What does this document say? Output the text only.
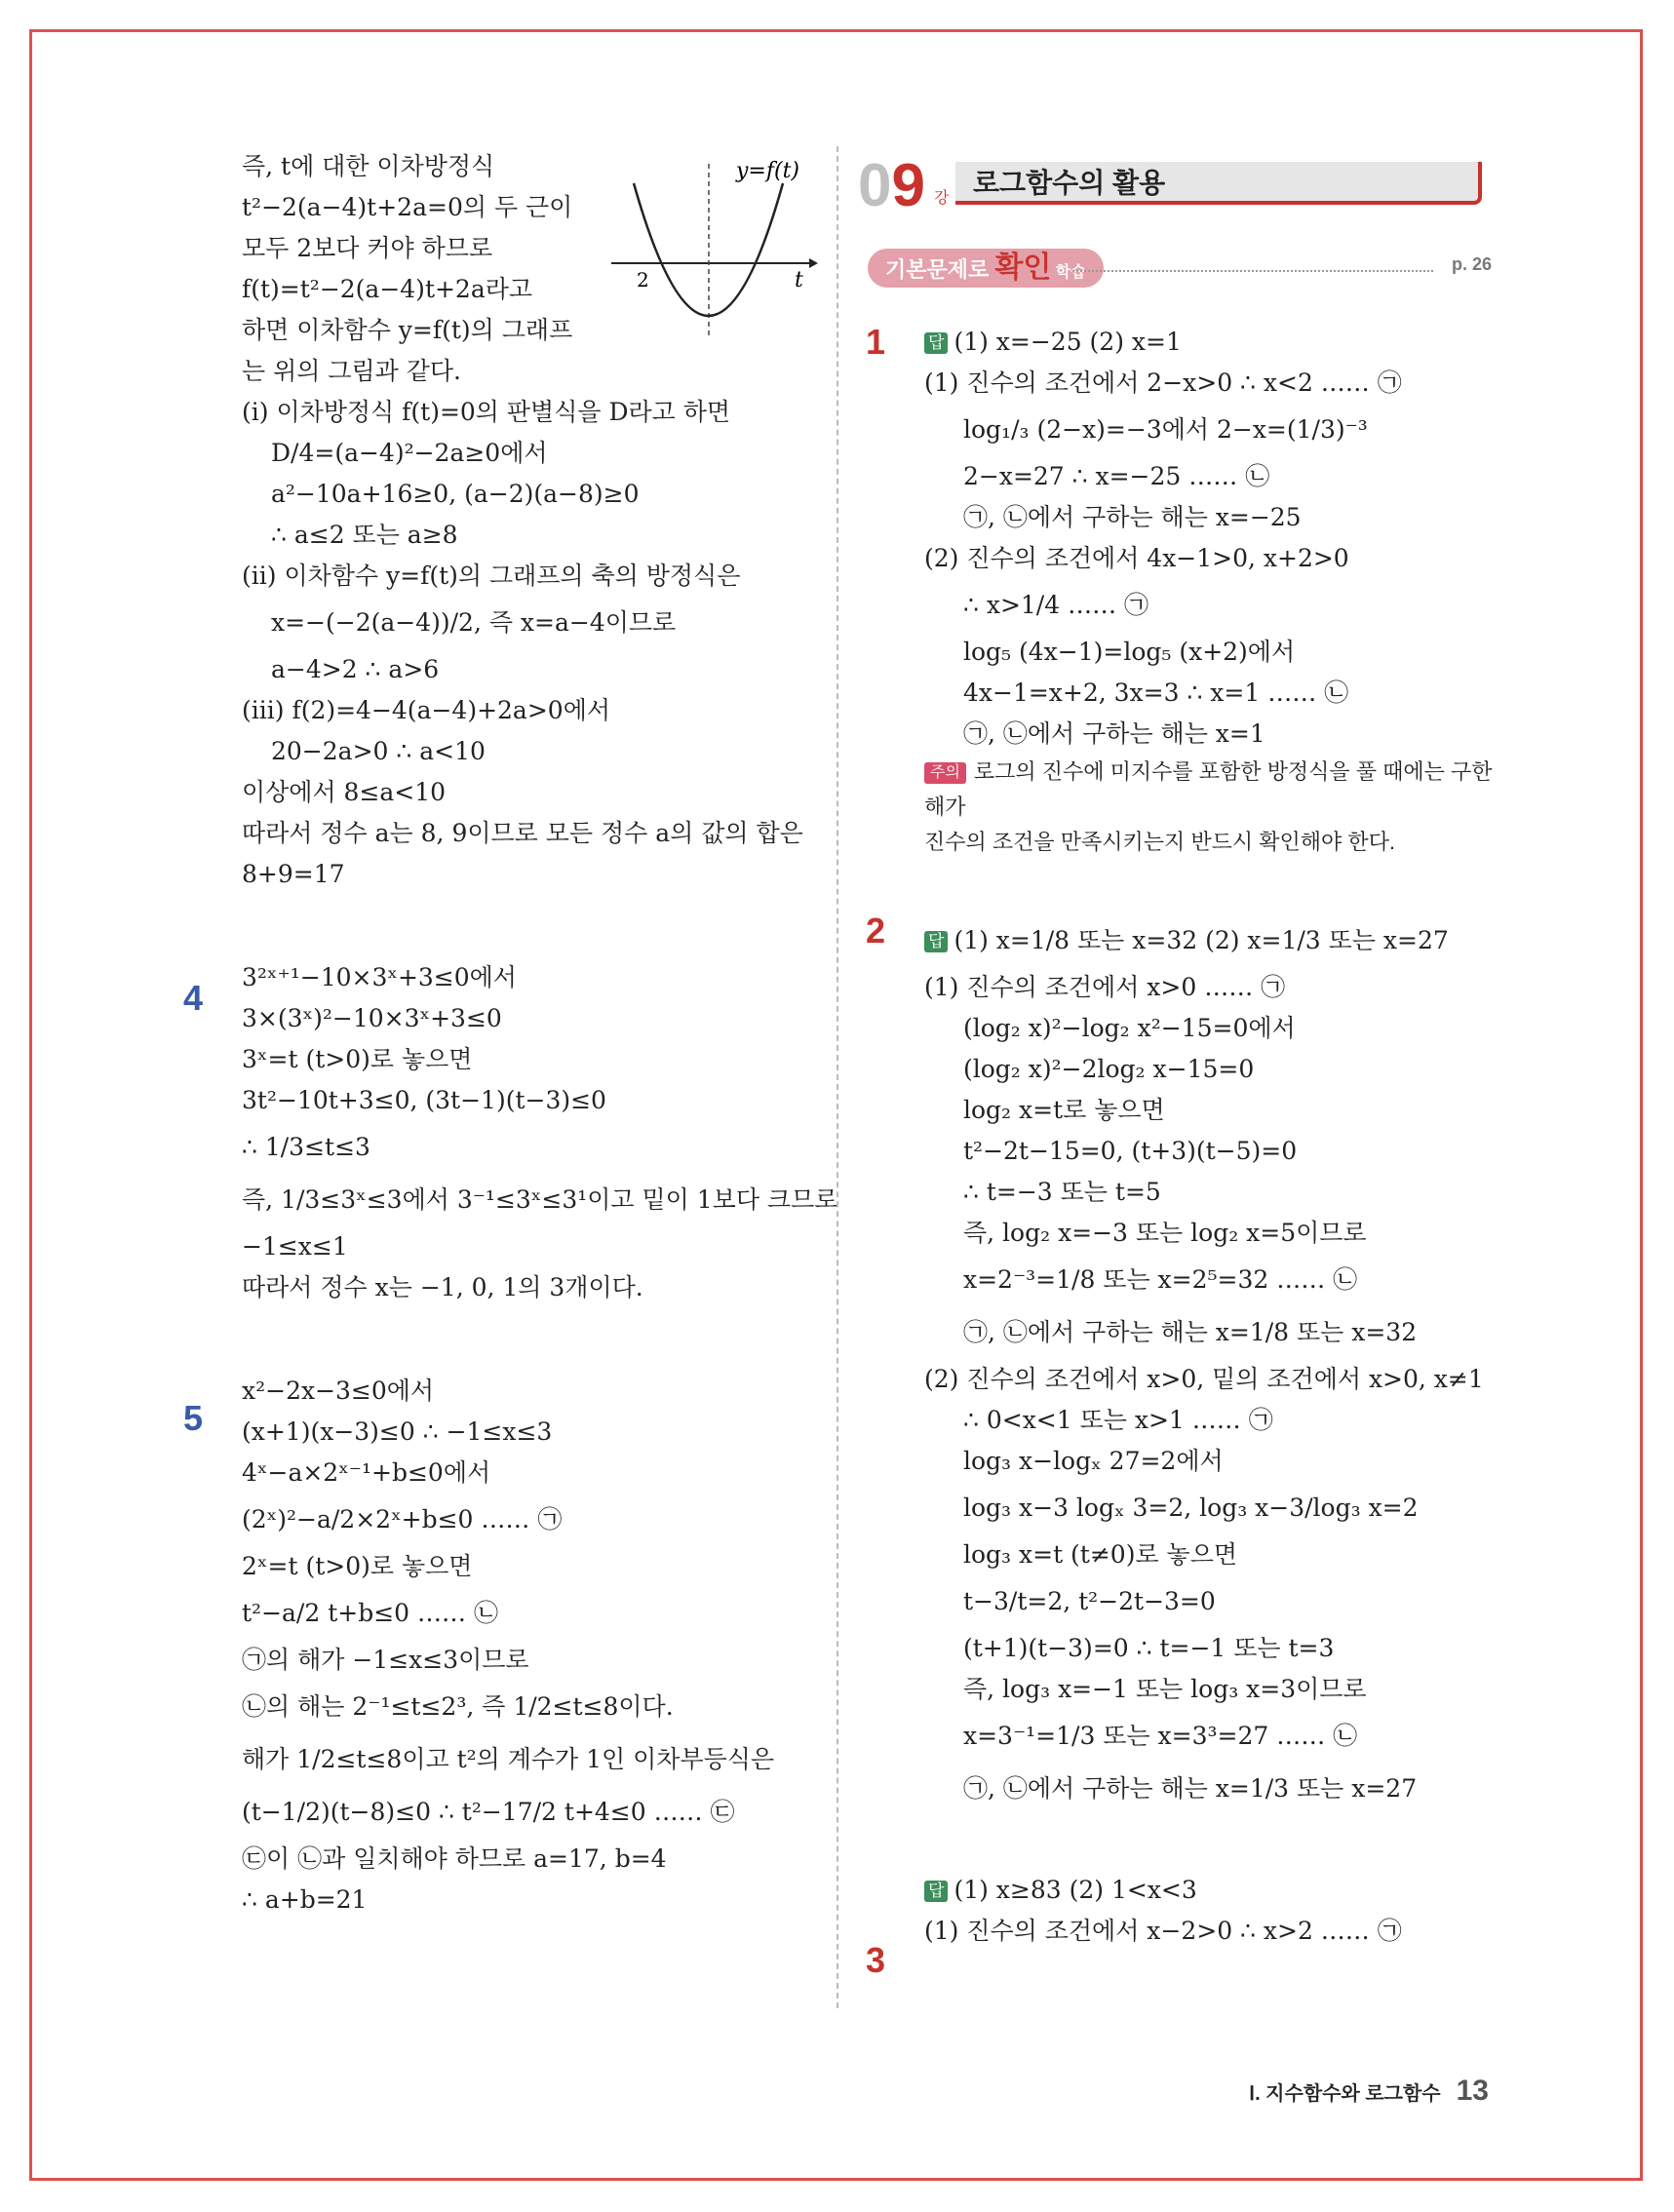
즉, t에 대한 이차방정식
t²−2(a−4)t+2a=0의 두 근이
모두 2보다 커야 하므로
f(t)=t²−2(a−4)t+2a라고
하면 이차함수 y=f(t)의 그래프
는 위의 그림과 같다.
(i) 이차방정식 f(t)=0의 판별식을 D라고 하면
D/4=(a−4)²−2a≥0에서
a²−10a+16≥0, (a−2)(a−8)≥0
∴ a≤2 또는 a≥8
(ii) 이차함수 y=f(t)의 그래프의 축의 방정식은
x=−(−2(a−4))/2, 즉 x=a−4이므로
a−4>2 ∴ a>6
(iii) f(2)=4−4(a−4)+2a>0에서
20−2a>0 ∴ a<10
이상에서 8≤a<10
따라서 정수 a는 8, 9이므로 모든 정수 a의 값의 합은
8+9=17
3²ˣ⁺¹−10×3ˣ+3≤0에서
3×(3ˣ)²−10×3ˣ+3≤0
3ˣ=t (t>0)로 놓으면
3t²−10t+3≤0, (3t−1)(t−3)≤0
∴ 1/3≤t≤3
즉, 1/3≤3ˣ≤3에서 3⁻¹≤3ˣ≤3¹이고 밑이 1보다 크므로
−1≤x≤1
따라서 정수 x는 −1, 0, 1의 3개이다.
x²−2x−3≤0에서
(x+1)(x−3)≤0 ∴ −1≤x≤3
4ˣ−a×2ˣ⁻¹+b≤0에서
(2ˣ)²−a/2×2ˣ+b≤0 …… ㉠
2ˣ=t (t>0)로 놓으면
t²−a/2 t+b≤0 …… ㉡
㉠의 해가 −1≤x≤3이므로
㉡의 해는 2⁻¹≤t≤2³, 즉 1/2≤t≤8이다.
해가 1/2≤t≤8이고 t²의 계수가 1인 이차부등식은
(t−1/2)(t−8)≤0 ∴ t²−17/2 t+4≤0 …… ㉢
㉢이 ㉡과 일치해야 하므로 a=17, b=4
∴ a+b=21
4
5
y=f(t)
2	t
09 강
로그함수의 활용
기본문제로 확인 학습	p. 26
답 (1) x=−25 (2) x=1
(1) 진수의 조건에서 2−x>0 ∴ x<2 …… ㉠
log₁/₃ (2−x)=−3에서 2−x=(1/3)⁻³
2−x=27 ∴ x=−25 …… ㉡
㉠, ㉡에서 구하는 해는 x=−25
(2) 진수의 조건에서 4x−1>0, x+2>0
∴ x>1/4 …… ㉠
log₅ (4x−1)=log₅ (x+2)에서
4x−1=x+2, 3x=3 ∴ x=1 …… ㉡
㉠, ㉡에서 구하는 해는 x=1
주의 로그의 진수에 미지수를 포함한 방정식을 풀 때에는 구한 해가
진수의 조건을 만족시키는지 반드시 확인해야 한다.
답 (1) x=1/8 또는 x=32 (2) x=1/3 또는 x=27
(1) 진수의 조건에서 x>0 …… ㉠
(log₂ x)²−log₂ x²−15=0에서
(log₂ x)²−2log₂ x−15=0
log₂ x=t로 놓으면
t²−2t−15=0, (t+3)(t−5)=0
∴ t=−3 또는 t=5
즉, log₂ x=−3 또는 log₂ x=5이므로
x=2⁻³=1/8 또는 x=2⁵=32 …… ㉡
㉠, ㉡에서 구하는 해는 x=1/8 또는 x=32
(2) 진수의 조건에서 x>0, 밑의 조건에서 x>0, x≠1
∴ 0<x<1 또는 x>1 …… ㉠
log₃ x−logₓ 27=2에서
log₃ x−3 logₓ 3=2, log₃ x−3/log₃ x=2
log₃ x=t (t≠0)로 놓으면
t−3/t=2, t²−2t−3=0
(t+1)(t−3)=0 ∴ t=−1 또는 t=3
즉, log₃ x=−1 또는 log₃ x=3이므로
x=3⁻¹=1/3 또는 x=3³=27 …… ㉡
㉠, ㉡에서 구하는 해는 x=1/3 또는 x=27
답 (1) x≥83 (2) 1<x<3
(1) 진수의 조건에서 x−2>0 ∴ x>2 …… ㉠
1
2
3
Ⅰ. 지수함수와 로그함수 13
